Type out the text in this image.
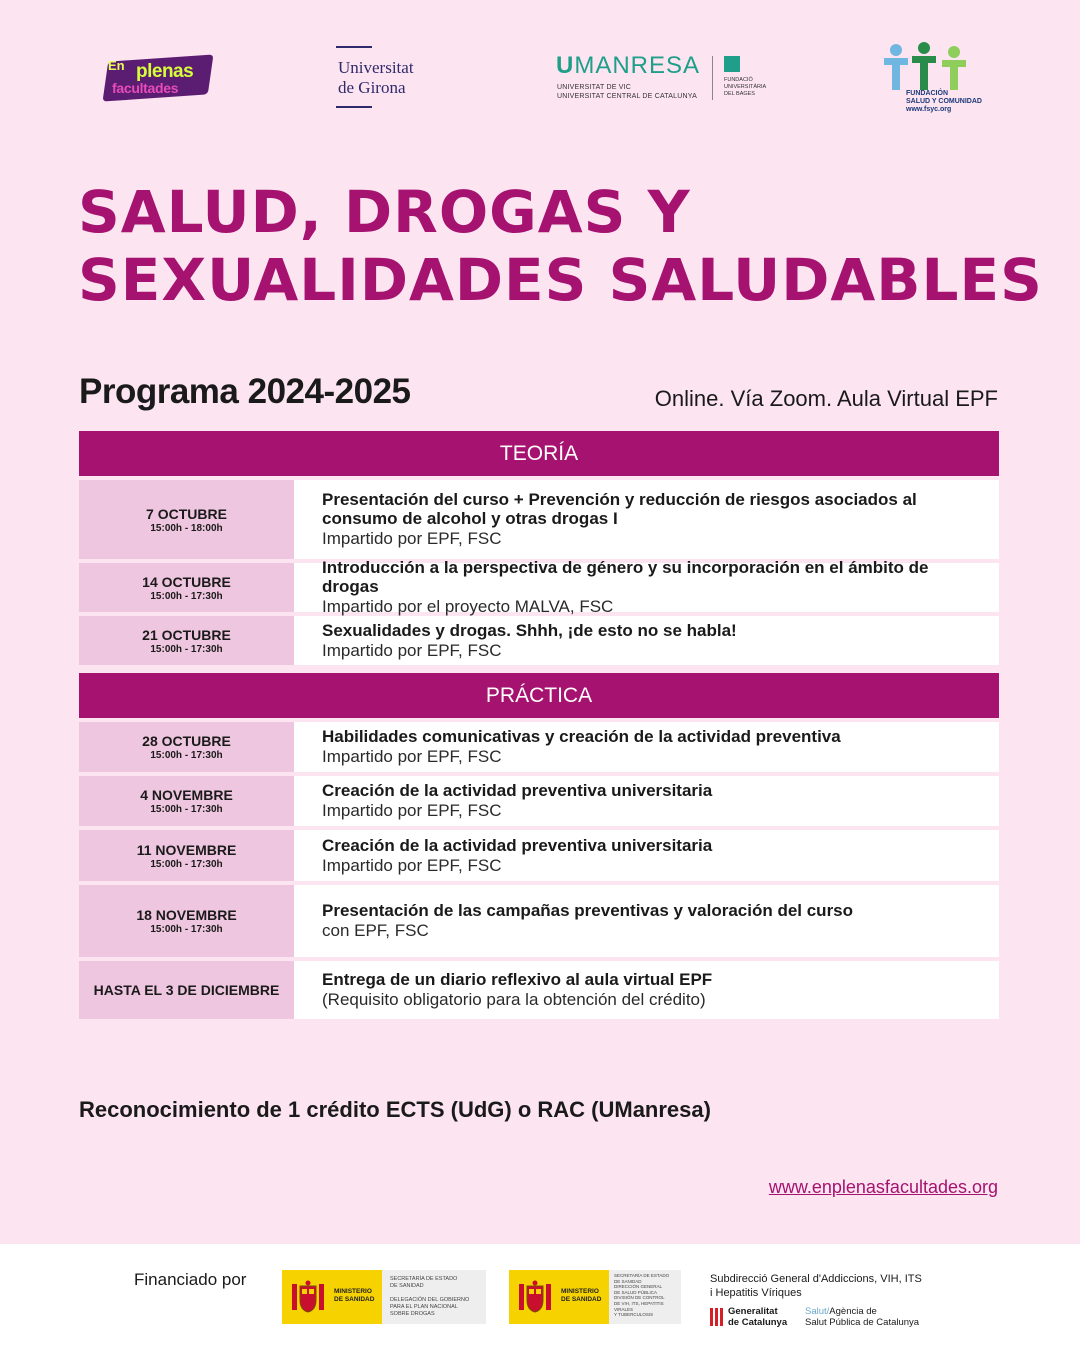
En plenas
facultades
Universitat
de Girona
UMANRESA
UNIVERSITAT DE VIC
UNIVERSITAT CENTRAL DE CATALUNYA
FUNDACIÓ
UNIVERSITÀRIA
DEL BAGES	FUNDACIÓN
SALUD Y COMUNIDAD
www.fsyc.org
SALUD, DROGAS Y
SEXUALIDADES SALUDABLES
Programa 2024-2025	Online. Vía Zoom. Aula Virtual EPF
TEORÍA
7 OCTUBRE
15:00h - 18:00h
Presentación del curso + Prevención y reducción de riesgos asociados al consumo de alcohol y otras drogas I
Impartido por EPF, FSC
14 OCTUBRE
15:00h - 17:30h
Introducción a la perspectiva de género y su incorporación en el ámbito de drogas
Impartido por el proyecto MALVA, FSC
21 OCTUBRE
15:00h - 17:30h
Sexualidades y drogas. Shhh, ¡de esto no se habla!
Impartido por EPF, FSC
PRÁCTICA
28 OCTUBRE
15:00h - 17:30h
Habilidades comunicativas y creación de la actividad preventiva
Impartido por EPF, FSC
4 NOVEMBRE
15:00h - 17:30h
Creación de la actividad preventiva universitaria
Impartido por EPF, FSC
11 NOVEMBRE
15:00h - 17:30h
Creación de la actividad preventiva universitaria
Impartido por EPF, FSC
18 NOVEMBRE
15:00h - 17:30h
Presentación de las campañas preventivas y valoración del curso
con EPF, FSC
HASTA EL 3 DE DICIEMBRE
Entrega de un diario reflexivo al aula virtual EPF
(Requisito obligatorio para la obtención del crédito)
Reconocimiento de 1 crédito ECTS (UdG) o RAC (UManresa)
www.enplenasfacultades.org
Financiado por
MINISTERIO
DE SANIDAD
SECRETARÍA DE ESTADO
DE SANIDAD

DELEGACIÓN DEL GOBIERNO
PARA EL PLAN NACIONAL SOBRE DROGAS
MINISTERIO
DE SANIDAD
SECRETARÍA DE ESTADO
DE SANIDAD
DIRECCIÓN GENERAL
DE SALUD PÚBLICA
DIVISIÓN DE CONTROL
DE VIH, ITS, HEPATITIS VIRALES
Y TUBERCULOSIS
Subdirecció General d'Addiccions, VIH, ITS
i Hepatitis Víriques
Generalitat
de Catalunya
Salut/Agència de
Salut Pública de Catalunya
